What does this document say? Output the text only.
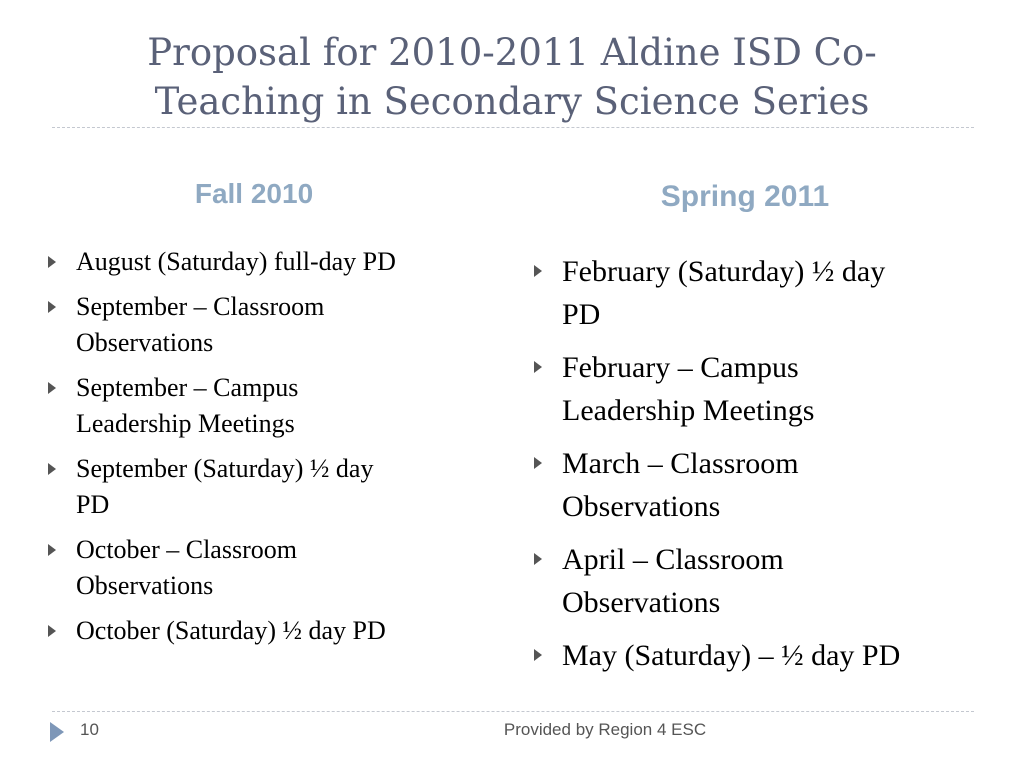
Proposal for 2010-2011 Aldine ISD Co-
Teaching in Secondary Science Series
Fall 2010	Spring 2011
August (Saturday) full-day PD
September – Classroom
Observations
September – Campus
Leadership Meetings
September (Saturday) ½ day
PD
October – Classroom
Observations
October (Saturday) ½ day PD
February (Saturday) ½ day
PD
February – Campus
Leadership Meetings
March – Classroom
Observations
April – Classroom
Observations
May (Saturday) – ½ day PD
10	Provided by Region 4 ESC
